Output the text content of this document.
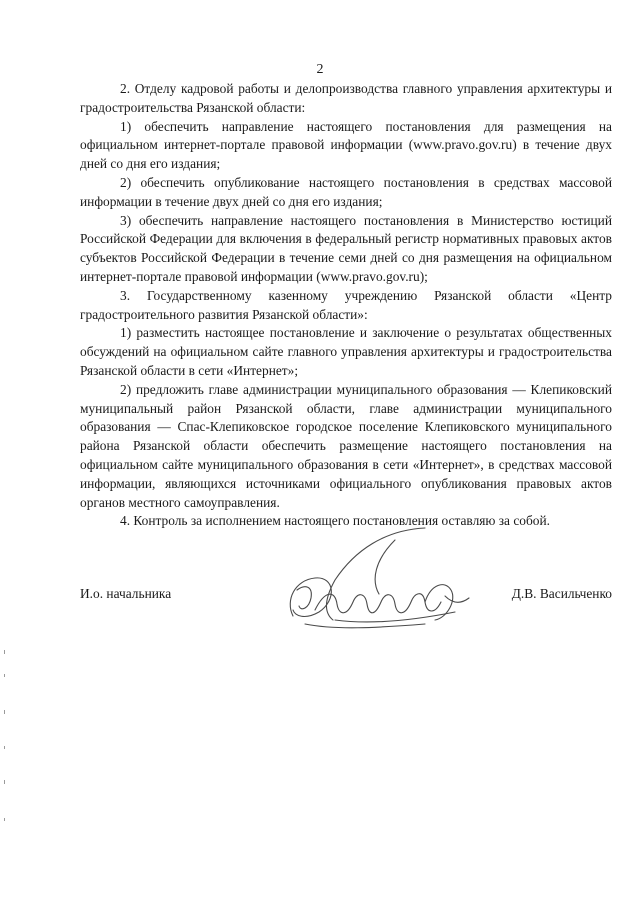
2

2. Отделу кадровой работы и делопроизводства главного управления архитектуры и градостроительства Рязанской области:

1) обеспечить направление настоящего постановления для размещения на официальном интернет-портале правовой информации (www.pravo.gov.ru) в течение двух дней со дня его издания;

2) обеспечить опубликование настоящего постановления в средствах массовой информации в течение двух дней со дня его издания;

3) обеспечить направление настоящего постановления в Министерство юстиций Российской Федерации для включения в федеральный регистр нормативных правовых актов субъектов Российской Федерации в течение семи дней со дня размещения на официальном интернет-портале правовой информации (www.pravo.gov.ru);

3. Государственному казенному учреждению Рязанской области «Центр градостроительного развития Рязанской области»:

1) разместить настоящее постановление и заключение о результатах общественных обсуждений на официальном сайте главного управления архитектуры и градостроительства Рязанской области в сети «Интернет»;

2) предложить главе администрации муниципального образования — Клепиковский муниципальный район Рязанской области, главе администрации муниципального образования — Спас-Клепиковское городское поселение Клепиковского муниципального района Рязанской области обеспечить размещение настоящего постановления на официальном сайте муниципального образования в сети «Интернет», в средствах массовой информации, являющихся источниками официального опубликования правовых актов органов местного самоуправления.

4. Контроль за исполнением настоящего постановления оставляю за собой.

И.о. начальника	Д.В. Васильченко
